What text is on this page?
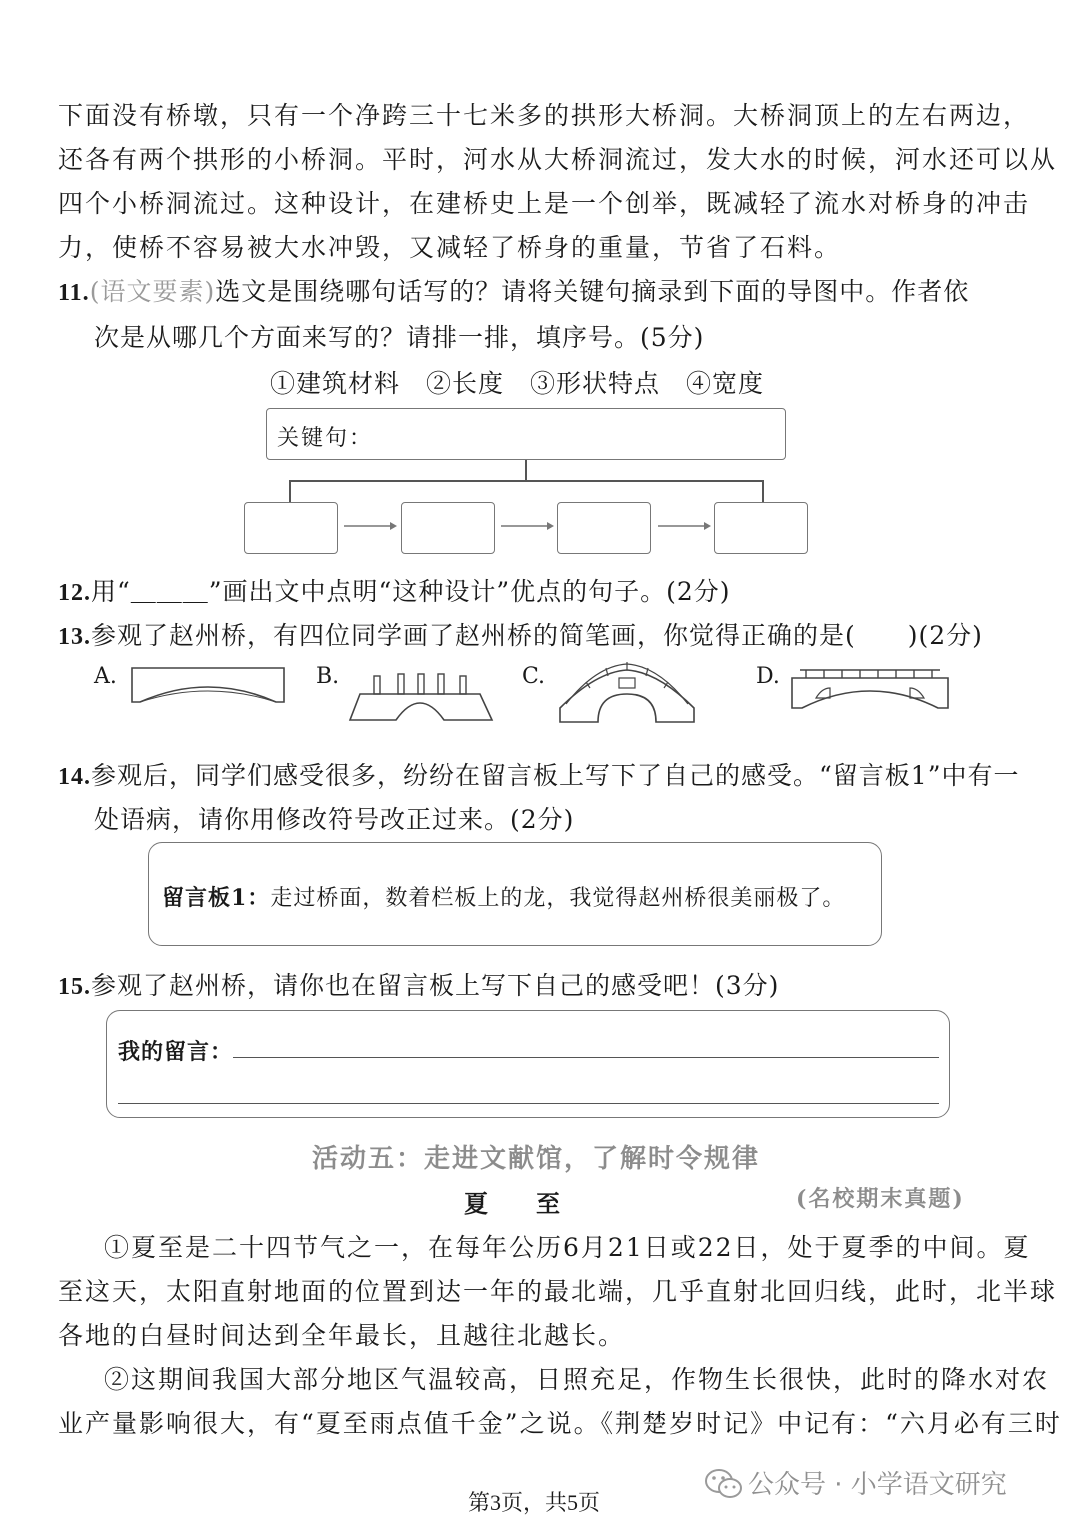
下面没有桥墩，只有一个净跨三十七米多的拱形大桥洞。大桥洞顶上的左右两边，
还各有两个拱形的小桥洞。平时，河水从大桥洞流过，发大水的时候，河水还可以从
四个小桥洞流过。这种设计，在建桥史上是一个创举，既减轻了流水对桥身的冲击
力，使桥不容易被大水冲毁，又减轻了桥身的重量，节省了石料。
11.(语文要素)选文是围绕哪句话写的？请将关键句摘录到下面的导图中。作者依
次是从哪几个方面来写的？请排一排，填序号。(5分)
①建筑材料　②长度　③形状特点　④宽度
关键句：
12.用“＿＿＿”画出文中点明“这种设计”优点的句子。(2分)
13.参观了赵州桥，有四位同学画了赵州桥的简笔画，你觉得正确的是(　　)(2分)
A.	B.	C.	D.
14.参观后，同学们感受很多，纷纷在留言板上写下了自己的感受。“留言板1”中有一
处语病，请你用修改符号改正过来。(2分)
留言板1：走过桥面，数着栏板上的龙，我觉得赵州桥很美丽极了。
15.参观了赵州桥，请你也在留言板上写下自己的感受吧！(3分)
我的留言：
活动五：走进文献馆，了解时令规律
夏　　至	(名校期末真题)
①夏至是二十四节气之一，在每年公历6月21日或22日，处于夏季的中间。夏
至这天，太阳直射地面的位置到达一年的最北端，几乎直射北回归线，此时，北半球
各地的白昼时间达到全年最长，且越往北越长。
②这期间我国大部分地区气温较高，日照充足，作物生长很快，此时的降水对农
业产量影响很大，有“夏至雨点值千金”之说。《荆楚岁时记》中记有：“六月必有三时
公众号 · 小学语文研究
第3页，共5页
